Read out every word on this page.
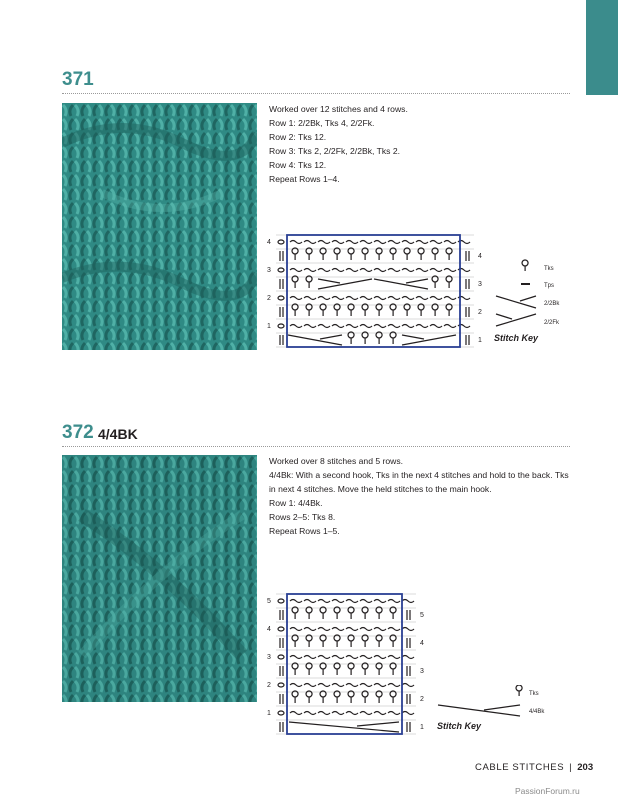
371
Worked over 12 stitches and 4 rows.
Row 1: 2/2Bk, Tks 4, 2/2Fk.
Row 2: Tks 12.
Row 3: Tks 2, 2/2Fk, 2/2Bk, Tks 2.
Row 4: Tks 12.
Repeat Rows 1–4.
4
3
2
1
4
3
2
1
Tks
Tps
2/2Bk
2/2Fk
Stitch Key
372 4/4BK
Worked over 8 stitches and 5 rows.
4/4Bk: With a second hook, Tks in the next 4 stitches and hold to the back. Tks in next 4 stitches. Move the held stitches to the main hook.
Row 1: 4/4Bk.
Rows 2–5: Tks 8.
Repeat Rows 1–5.
5
4
3
2
1
5
4
3
2
1
Tks
4/4Bk
Stitch Key
CABLE STITCHES | 203
PassionForum.ru
